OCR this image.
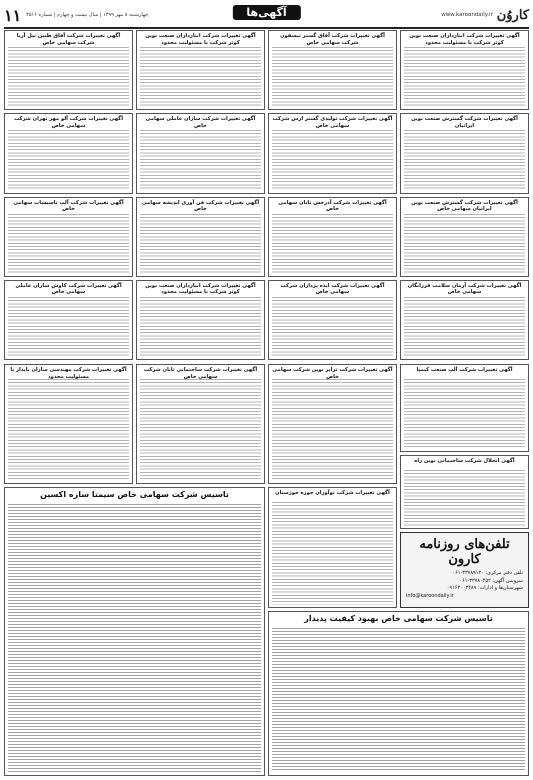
کاروُن
www.karoondaily.ir
آگهی‌ها
چهارشنبه ۸ مهر ۱۳۹۹ | سال بیست و چهارم | شماره ۴۵۱۶
۱۱
آگهی تغییرات شرکت انبارداران صنعت نوین کوثر شرکت با مسئولیت محدود
آگهی تغییرات شرکت آفاق گستر تیسفون شرکت سهامی خاص
آگهی تغییرات شرکت انبارداران صنعت نوین کوثر شرکت با مسئولیت محدود
آگهی تغییرات شرکت آفاق طنین نیل آریا شرکت سهامی خاص
آگهی تغییرات شرکت گسترش صنعت نوین ایرانیان
آگهی تغییرات شرکت تولیدی گستر ارس شرکت سهامی خاص
آگهی تغییرات شرکت سازان عاملی سهامی خاص
آگهی تغییرات شرکت آلو مهر تهران شرکت سهامی خاص
آگهی تغییرات شرکت گسترش صنعت نوین ایرانیان سهامی خاص
آگهی تغییرات شرکت آذرخش تابان سهامی خاص
آگهی تغییرات شرکت فن آوری اندیشه سهامی خاص
آگهی تغییرات شرکت آلپ تاسیسات سهامی خاص
آگهی تغییرات شرکت آرمان سلامت فرزانگان سهامی خاص
آگهی تغییرات شرکت ایده پردازان شرکت سهامی خاص
آگهی تغییرات شرکت انبارداران صنعت نوین کوثر شرکت با مسئولیت محدود
آگهی تغییرات شرکت کاوش سازان عاملی سهامی خاص
آگهی تغییرات شرکت آلپ صنعت کیمیا
آگهی انحلال شرکت ساختمانی نوین راه
تلفن‌های روزنامه کارون
تلفن دفتر مرکزی: ۳۳۷۸۹۱۲۰-۰۶۱
سرویس آگهی: ۳۳۷۸۰۴۵۲-۰۶۱
شهرستان‌ها و ادارات: ۰۹۱۶۳۰۰۳۴۸۹
info@karoondaily.ir
آگهی تغییرات شرکت ترابر نوین شرکت سهامی خاص
آگهی تغییرات شرکت نوآوران حوزه خوزستان
آگهی تغییرات شرکت ساختمانی تابان شرکت سهامی خاص
آگهی تغییرات شرکت مهندسی سازان پایدار با مسئولیت محدود
تاسیس شرکت سهامی خاص سیمتا سازه اکسین
تاسیس شرکت سهامی خاص بهبود کیفیت پدیدار
